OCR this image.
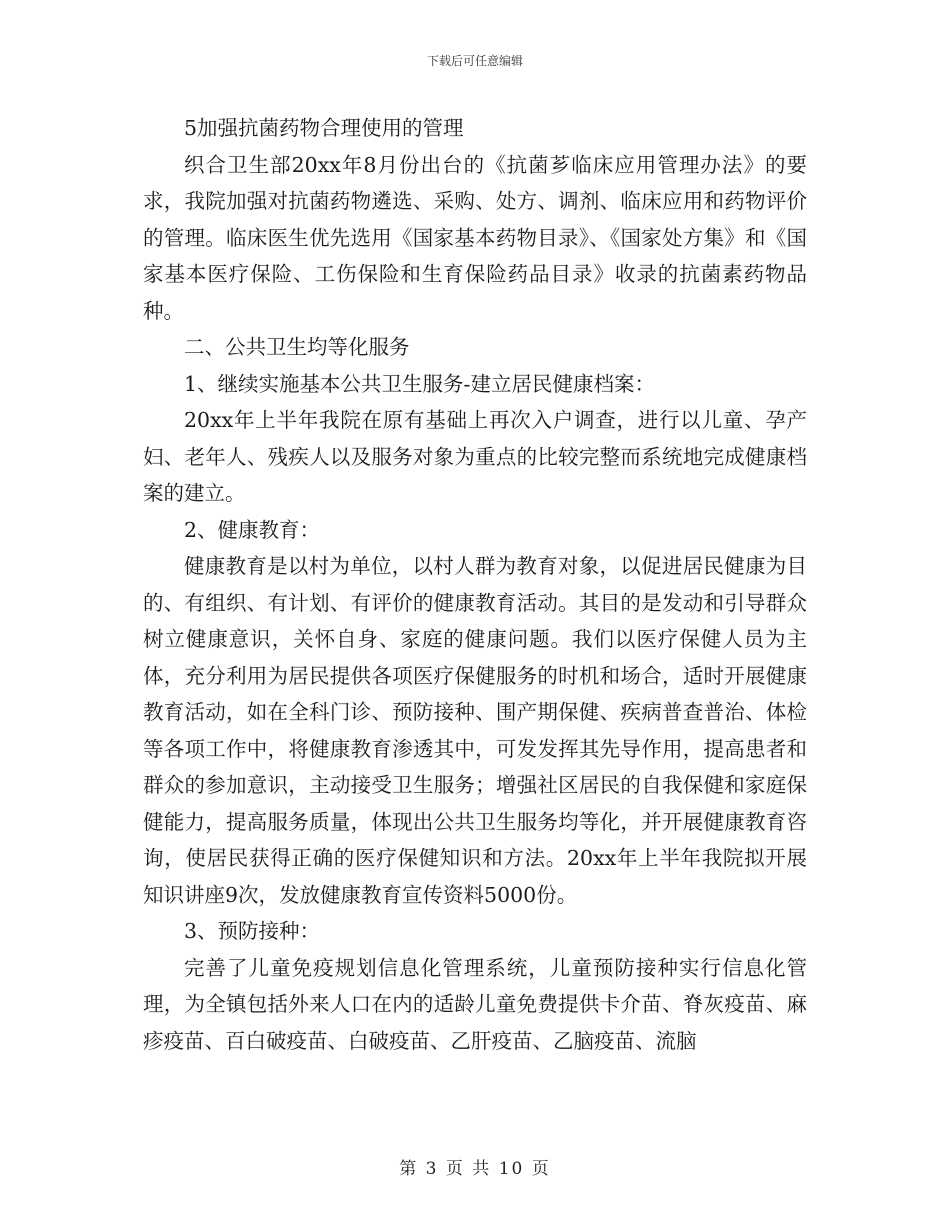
下载后可任意编辑

5加强抗菌药物合理使用的管理

织合卫生部20xx年8月份出台的《抗菌芗临床应用管理办法》的要求，我院加强对抗菌药物遴选、采购、处方、调剂、临床应用和药物评价的管理。临床医生优先选用《国家基本药物目录》、《国家处方集》和《国家基本医疗保险、工伤保险和生育保险药品目录》收录的抗菌素药物品种。

二、公共卫生均等化服务

1、继续实施基本公共卫生服务-建立居民健康档案：

20xx年上半年我院在原有基础上再次入户调查，进行以儿童、孕产妇、老年人、残疾人以及服务对象为重点的比较完整而系统地完成健康档案的建立。

2、健康教育：

健康教育是以村为单位，以村人群为教育对象，以促进居民健康为目的、有组织、有计划、有评价的健康教育活动。其目的是发动和引导群众树立健康意识，关怀自身、家庭的健康问题。我们以医疗保健人员为主体，充分利用为居民提供各项医疗保健服务的时机和场合，适时开展健康教育活动，如在全科门诊、预防接种、围产期保健、疾病普查普治、体检等各项工作中，将健康教育渗透其中，可发发挥其先导作用，提高患者和群众的参加意识，主动接受卫生服务；增强社区居民的自我保健和家庭保健能力，提高服务质量，体现出公共卫生服务均等化，并开展健康教育咨询，使居民获得正确的医疗保健知识和方法。20xx年上半年我院拟开展知识讲座9次，发放健康教育宣传资料5000份。

3、预防接种：

完善了儿童免疫规划信息化管理系统，儿童预防接种实行信息化管理，为全镇包括外来人口在内的适龄儿童免费提供卡介苗、脊灰疫苗、麻疹疫苗、百白破疫苗、白破疫苗、乙肝疫苗、乙脑疫苗、流脑

第 3 页 共 10 页
